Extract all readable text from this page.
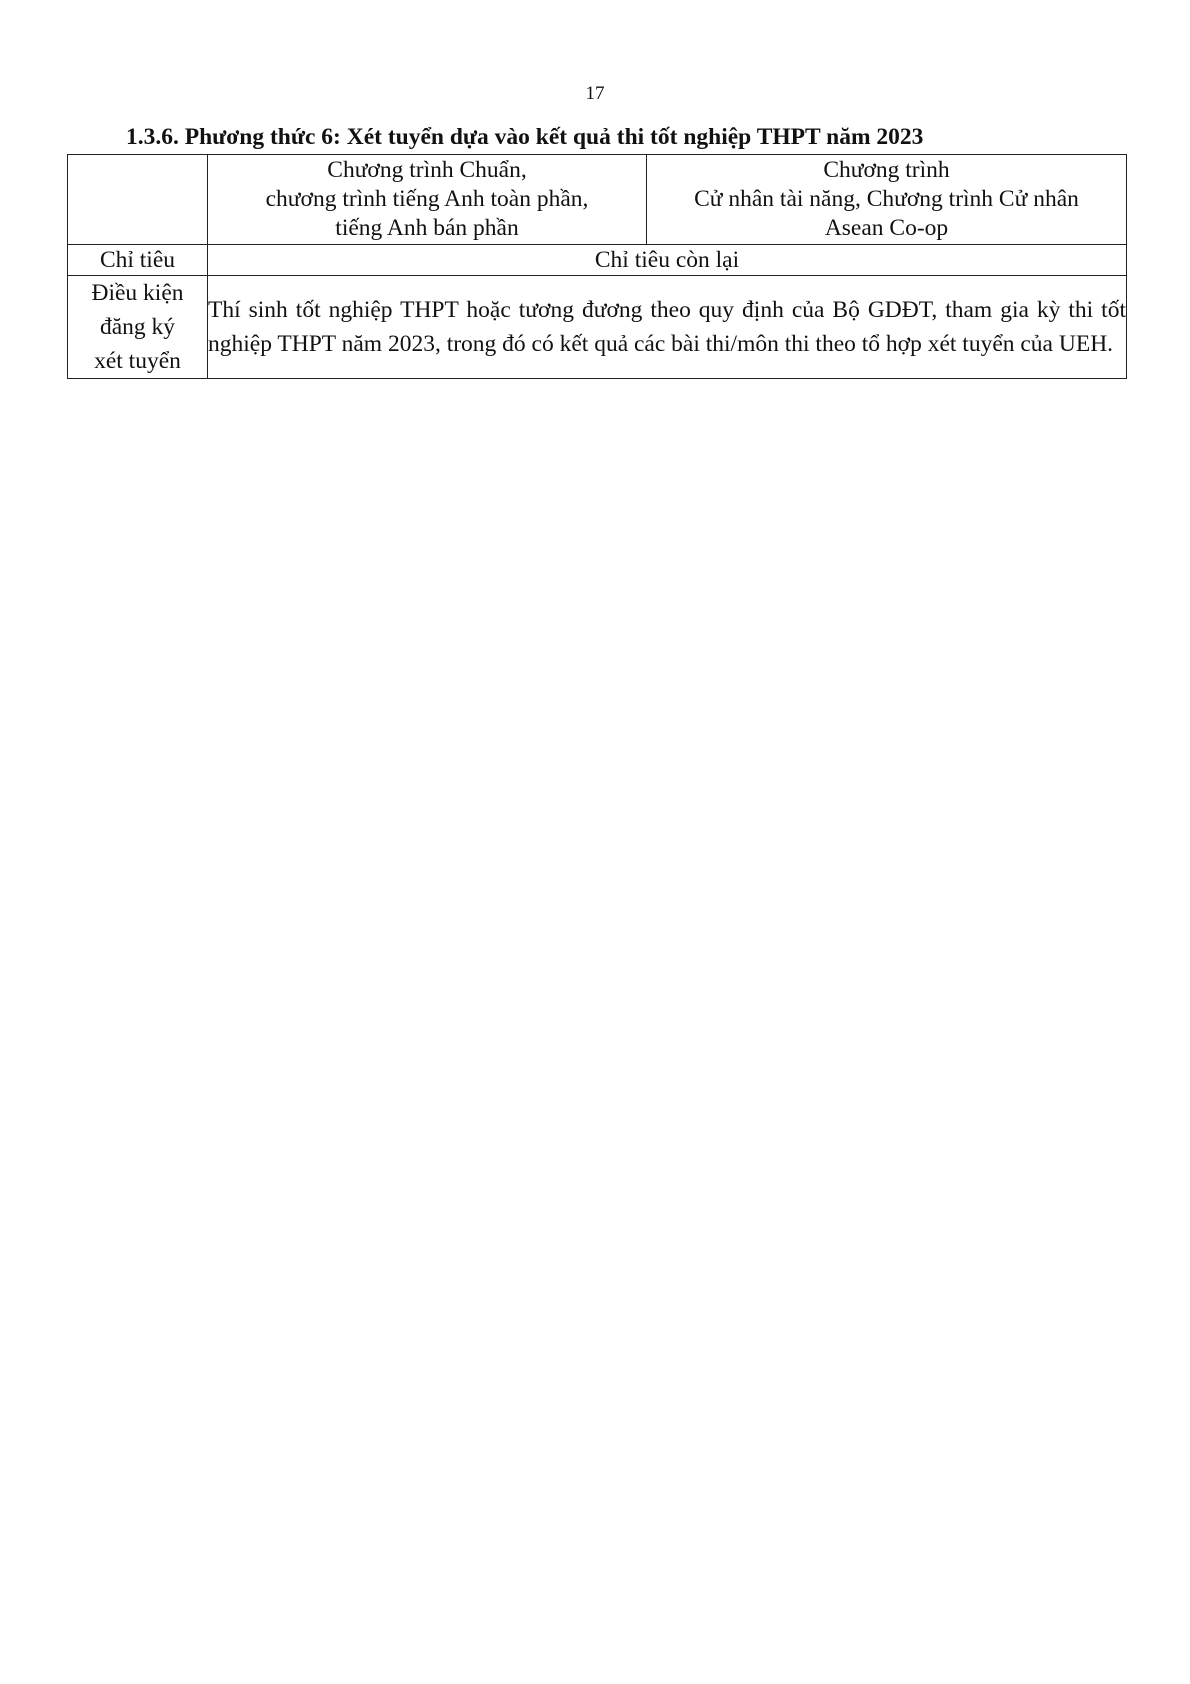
17
1.3.6. Phương thức 6: Xét tuyển dựa vào kết quả thi tốt nghiệp THPT năm 2023

	Chương trình Chuẩn,
chương trình tiếng Anh toàn phần,
tiếng Anh bán phần	Chương trình
Cử nhân tài năng, Chương trình Cử nhân
Asean Co-op

Chỉ tiêu	Chỉ tiêu còn lại	

Điều kiện
đăng ký
xét tuyển	Thí sinh tốt nghiệp THPT hoặc tương đương theo quy định của Bộ GDĐT, tham gia kỳ thi tốt nghiệp THPT năm 2023, trong đó có kết quả các bài thi/môn thi theo tổ hợp xét tuyển của UEH.	
